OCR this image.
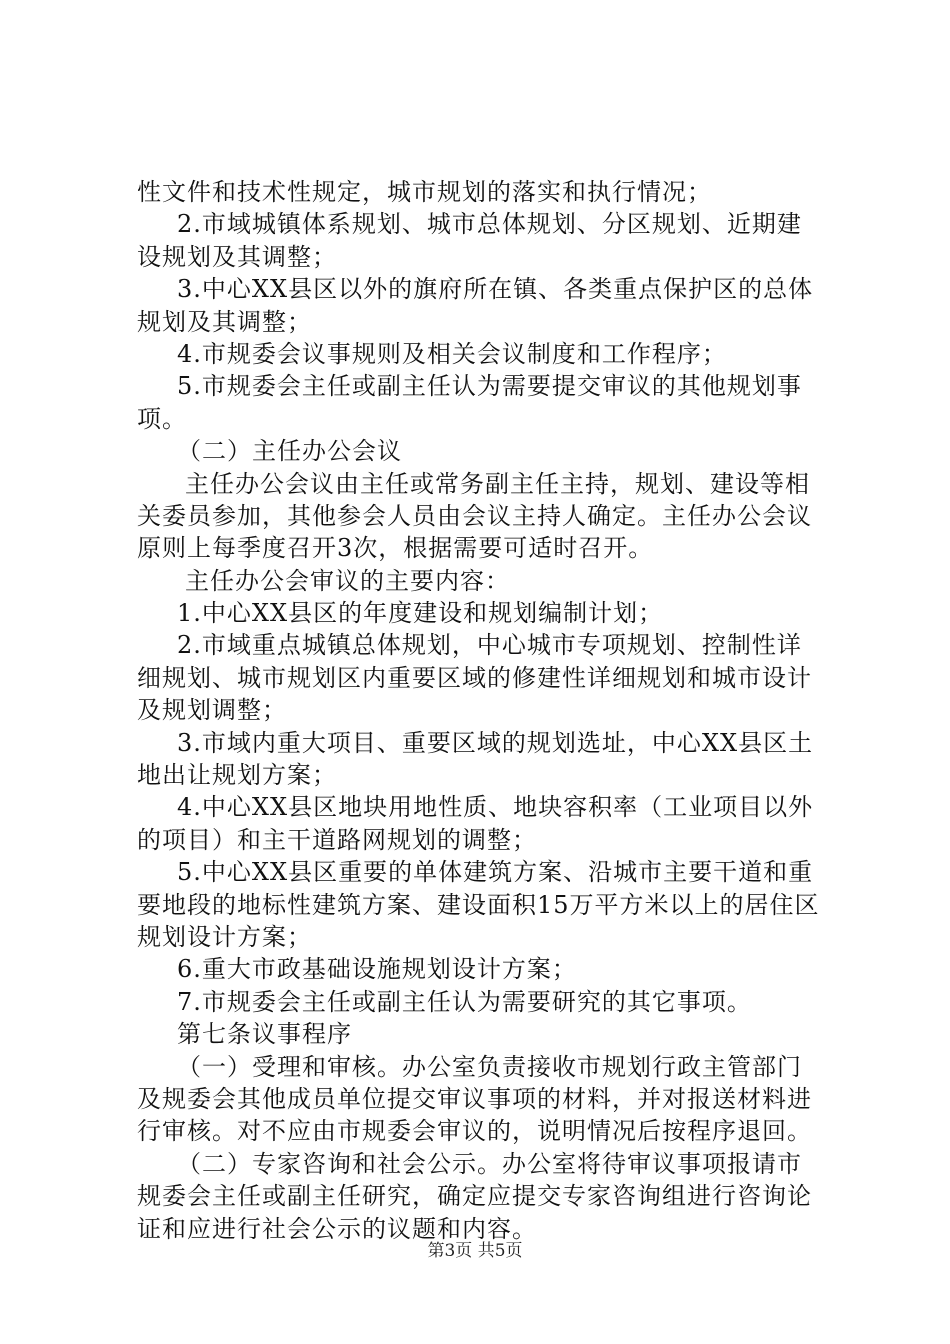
性文件和技术性规定，城市规划的落实和执行情况；
2.市域城镇体系规划、城市总体规划、分区规划、近期建
设规划及其调整；
3.中心XX县区以外的旗府所在镇、各类重点保护区的总体
规划及其调整；
4.市规委会议事规则及相关会议制度和工作程序；
5.市规委会主任或副主任认为需要提交审议的其他规划事
项。
（二）主任办公会议
主任办公会议由主任或常务副主任主持，规划、建设等相
关委员参加，其他参会人员由会议主持人确定。主任办公会议
原则上每季度召开3次，根据需要可适时召开。
主任办公会审议的主要内容：
1.中心XX县区的年度建设和规划编制计划；
2.市域重点城镇总体规划，中心城市专项规划、控制性详
细规划、城市规划区内重要区域的修建性详细规划和城市设计
及规划调整；
3.市域内重大项目、重要区域的规划选址，中心XX县区土
地出让规划方案；
4.中心XX县区地块用地性质、地块容积率（工业项目以外
的项目）和主干道路网规划的调整；
5.中心XX县区重要的单体建筑方案、沿城市主要干道和重
要地段的地标性建筑方案、建设面积15万平方米以上的居住区
规划设计方案；
6.重大市政基础设施规划设计方案；
7.市规委会主任或副主任认为需要研究的其它事项。
第七条议事程序
（一）受理和审核。办公室负责接收市规划行政主管部门
及规委会其他成员单位提交审议事项的材料，并对报送材料进
行审核。对不应由市规委会审议的，说明情况后按程序退回。
（二）专家咨询和社会公示。办公室将待审议事项报请市
规委会主任或副主任研究，确定应提交专家咨询组进行咨询论
证和应进行社会公示的议题和内容。
第3页 共5页
